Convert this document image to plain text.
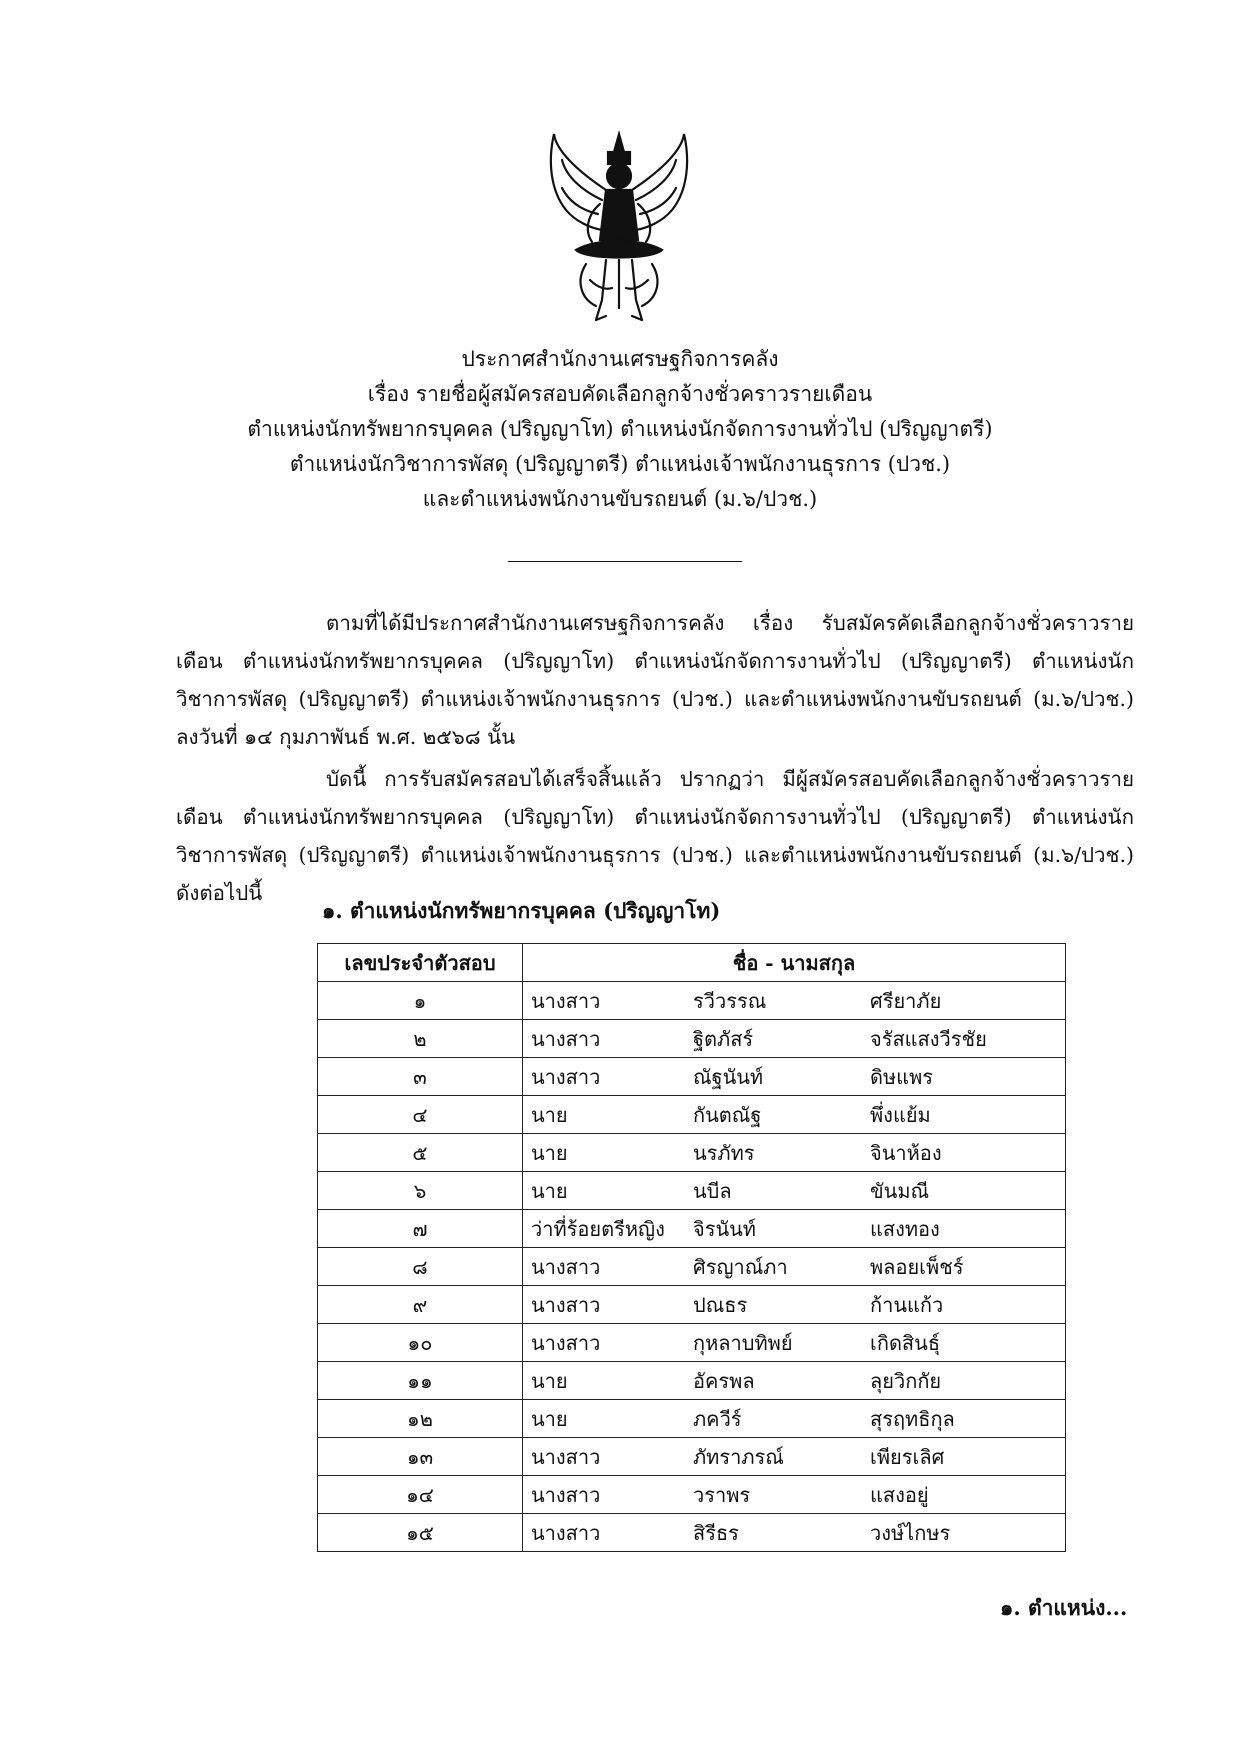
ประกาศสำนักงานเศรษฐกิจการคลัง
เรื่อง รายชื่อผู้สมัครสอบคัดเลือกลูกจ้างชั่วคราวรายเดือน
ตำแหน่งนักทรัพยากรบุคคล (ปริญญาโท) ตำแหน่งนักจัดการงานทั่วไป (ปริญญาตรี)
ตำแหน่งนักวิชาการพัสดุ (ปริญญาตรี) ตำแหน่งเจ้าพนักงานธุรการ (ปวช.)
และตำแหน่งพนักงานขับรถยนต์ (ม.๖/ปวช.)
ตามที่ได้มีประกาศสำนักงานเศรษฐกิจการคลัง เรื่อง รับสมัครคัดเลือกลูกจ้างชั่วคราวรายเดือน ตำแหน่งนักทรัพยากรบุคคล (ปริญญาโท) ตำแหน่งนักจัดการงานทั่วไป (ปริญญาตรี) ตำแหน่งนักวิชาการพัสดุ (ปริญญาตรี) ตำแหน่งเจ้าพนักงานธุรการ (ปวช.) และตำแหน่งพนักงานขับรถยนต์ (ม.๖/ปวช.) ลงวันที่ ๑๔ กุมภาพันธ์ พ.ศ. ๒๕๖๘ นั้น
บัดนี้ การรับสมัครสอบได้เสร็จสิ้นแล้ว ปรากฏว่า มีผู้สมัครสอบคัดเลือกลูกจ้างชั่วคราวรายเดือน ตำแหน่งนักทรัพยากรบุคคล (ปริญญาโท) ตำแหน่งนักจัดการงานทั่วไป (ปริญญาตรี) ตำแหน่งนักวิชาการพัสดุ (ปริญญาตรี) ตำแหน่งเจ้าพนักงานธุรการ (ปวช.) และตำแหน่งพนักงานขับรถยนต์ (ม.๖/ปวช.) ดังต่อไปนี้
๑. ตำแหน่งนักทรัพยากรบุคคล (ปริญญาโท)
เลขประจำตัวสอบ	ชื่อ - นามสกุล		
๑	นางสาว	รวีวรรณ	ศรียาภัย
๒	นางสาว	ฐิตภัสร์	จรัสแสงวีรชัย
๓	นางสาว	ณัฐนันท์	ดิษแพร
๔	นาย	กันตณัฐ	พึ่งแย้ม
๕	นาย	นรภัทร	จินาห้อง
๖	นาย	นบีล	ขันมณี
๗	ว่าที่ร้อยตรีหญิง	จิรนันท์	แสงทอง
๘	นางสาว	ศิรญาณ์ภา	พลอยเพ็ชร์
๙	นางสาว	ปณธร	ก้านแก้ว
๑๐	นางสาว	กุหลาบทิพย์	เกิดสินธุ์
๑๑	นาย	อัครพล	ลุยวิกกัย
๑๒	นาย	ภควีร์	สุรฤทธิกุล
๑๓	นางสาว	ภัทราภรณ์	เพียรเลิศ
๑๔	นางสาว	วราพร	แสงอยู่
๑๕	นางสาว	สิรีธร	วงษ์ไกษร
๑. ตำแหน่ง...
